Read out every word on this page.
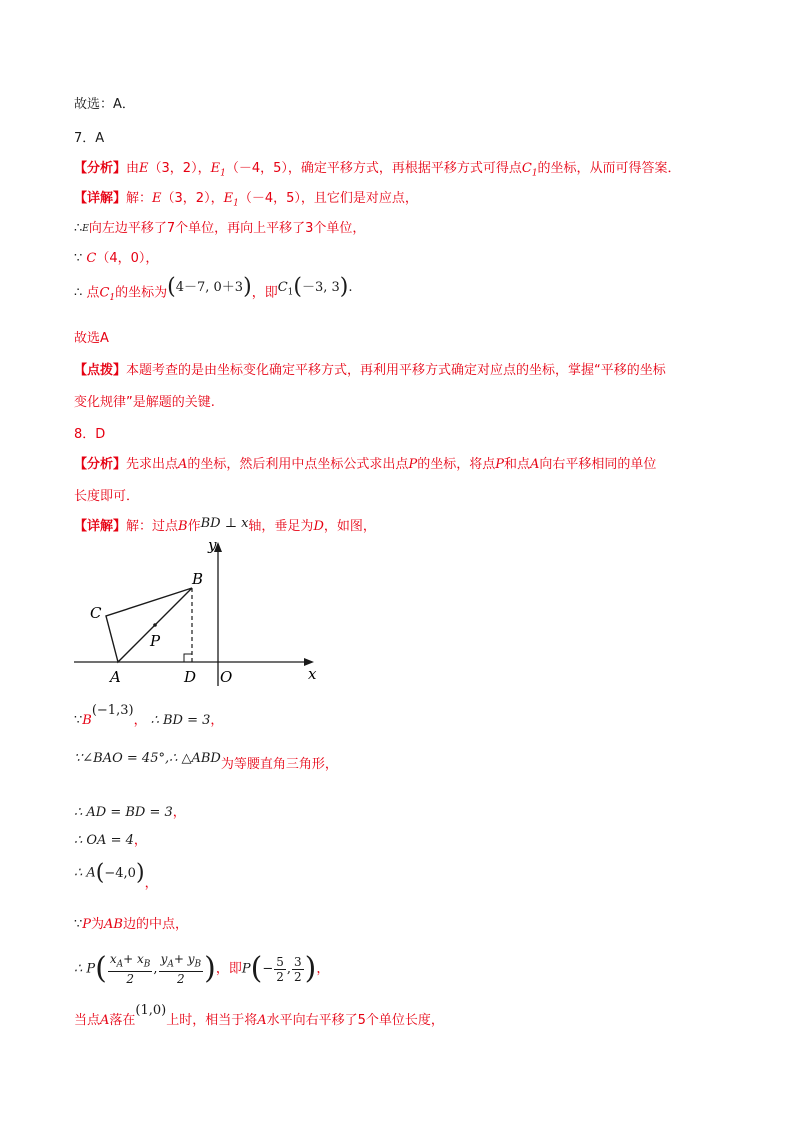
故选：A．
7．A
【分析】由E（3，2），$E_1(-4$，5），确定平移方式，再根据平移方式可得点$C_1$的坐标，从而可得答案．
【详解】解：E（3，2），$E_1(-4$，5），且它们是对应点，
∴$^E$向左边平移了7个单位，再向上平移了3个单位，
∵ C（4，0），
∴ 点$C_1$的坐标为(4－7, 0＋3)，即$C_1(-3$, 3).
故选A
【点拨】本题考查的是由坐标变化确定平移方式，再利用平移方式确定对应点的坐标，掌握“平移的坐标
变化规律”是解题的关键.
8．D
【分析】先求出点A的坐标，然后利用中点坐标公式求出点P的坐标，将点P和点A向右平移相同的单位
长度即可．
【详解】解：过点B作BD ⊥ x轴，垂足为D，如图，
y
x
B
C
P
A	D O
∵B(−1,3)， ∴ BD = 3，
∵∠BAO = 45°,∴ △ABD为等腰直角三角形，
∴ AD = BD = 3，
∴ OA = 4，
∴ A(−4,0)，
∵P为AB边的中点，
∴ $P( \frac{x_A+ x_B}{2}$ , $\frac{y_A+ y_B}{2}$ )，即$P(- \frac{5}{2}$ , $\frac{3}{2}$ )，
当点A落在(1,0)上时，相当于将A水平向右平移了5个单位长度，
